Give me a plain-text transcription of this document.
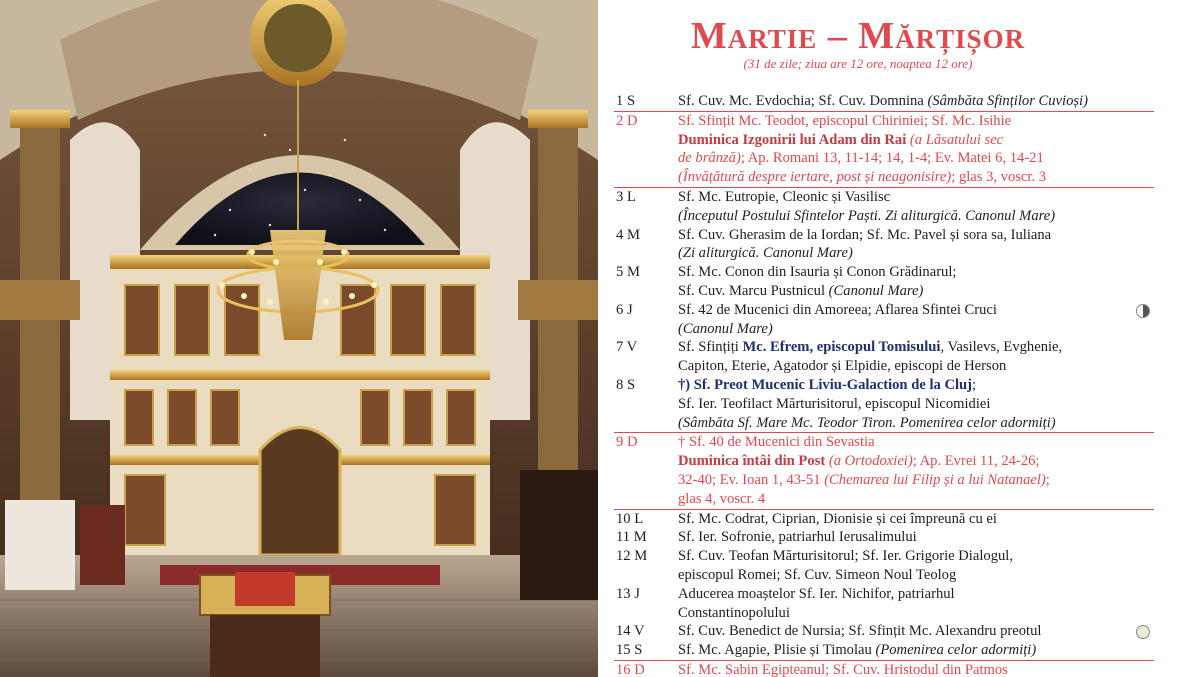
Martie – Mărțișor
(31 de zile; ziua are 12 ore, noaptea 12 ore)
1 S	Sf. Cuv. Mc. Evdochia; Sf. Cuv. Domnina (Sâmbăta Sfinților Cuvioși)
2 D	Sf. Sfințit Mc. Teodot, episcopul Chiriniei; Sf. Mc. Isihie
Duminica Izgonirii lui Adam din Rai (a Lăsatului sec
de brânză); Ap. Romani 13, 11-14; 14, 1-4; Ev. Matei 6, 14-21
(Învățătură despre iertare, post și neagonisire); glas 3, voscr. 3
3 L	Sf. Mc. Eutropie, Cleonic și Vasilisc
(Începutul Postului Sfintelor Paști. Zi aliturgică. Canonul Mare)
4 M	Sf. Cuv. Gherasim de la Iordan; Sf. Mc. Pavel și sora sa, Iuliana
(Zi aliturgică. Canonul Mare)
5 M	Sf. Mc. Conon din Isauria și Conon Grădinarul;
Sf. Cuv. Marcu Pustnicul (Canonul Mare)
6 J	Sf. 42 de Mucenici din Amoreea; Aflarea Sfintei Cruci
(Canonul Mare)
7 V	Sf. Sfințiți Mc. Efrem, episcopul Tomisului, Vasilevs, Evghenie,
Capiton, Eterie, Agatodor și Elpidie, episcopi de Herson
8 S	†) Sf. Preot Mucenic Liviu-Galaction de la Cluj;
Sf. Ier. Teofilact Mărturisitorul, episcopul Nicomidiei
(Sâmbăta Sf. Mare Mc. Teodor Tiron. Pomenirea celor adormiți)
9 D	† Sf. 40 de Mucenici din Sevastia
Duminica întâi din Post (a Ortodoxiei); Ap. Evrei 11, 24-26;
32-40; Ev. Ioan 1, 43-51 (Chemarea lui Filip și a lui Natanael);
glas 4, voscr. 4
10 L	Sf. Mc. Codrat, Ciprian, Dionisie și cei împreună cu ei
11 M	Sf. Ier. Sofronie, patriarhul Ierusalimului
12 M	Sf. Cuv. Teofan Mărturisitorul; Sf. Ier. Grigorie Dialogul,
episcopul Romei; Sf. Cuv. Simeon Noul Teolog
13 J	Aducerea moaștelor Sf. Ier. Nichifor, patriarhul
Constantinopolului
14 V	Sf. Cuv. Benedict de Nursia; Sf. Sfințit Mc. Alexandru preotul
15 S	Sf. Mc. Agapie, Plisie și Timolau (Pomenirea celor adormiți)
16 D	Sf. Mc. Sabin Egipteanul; Sf. Cuv. Hristodul din Patmos
